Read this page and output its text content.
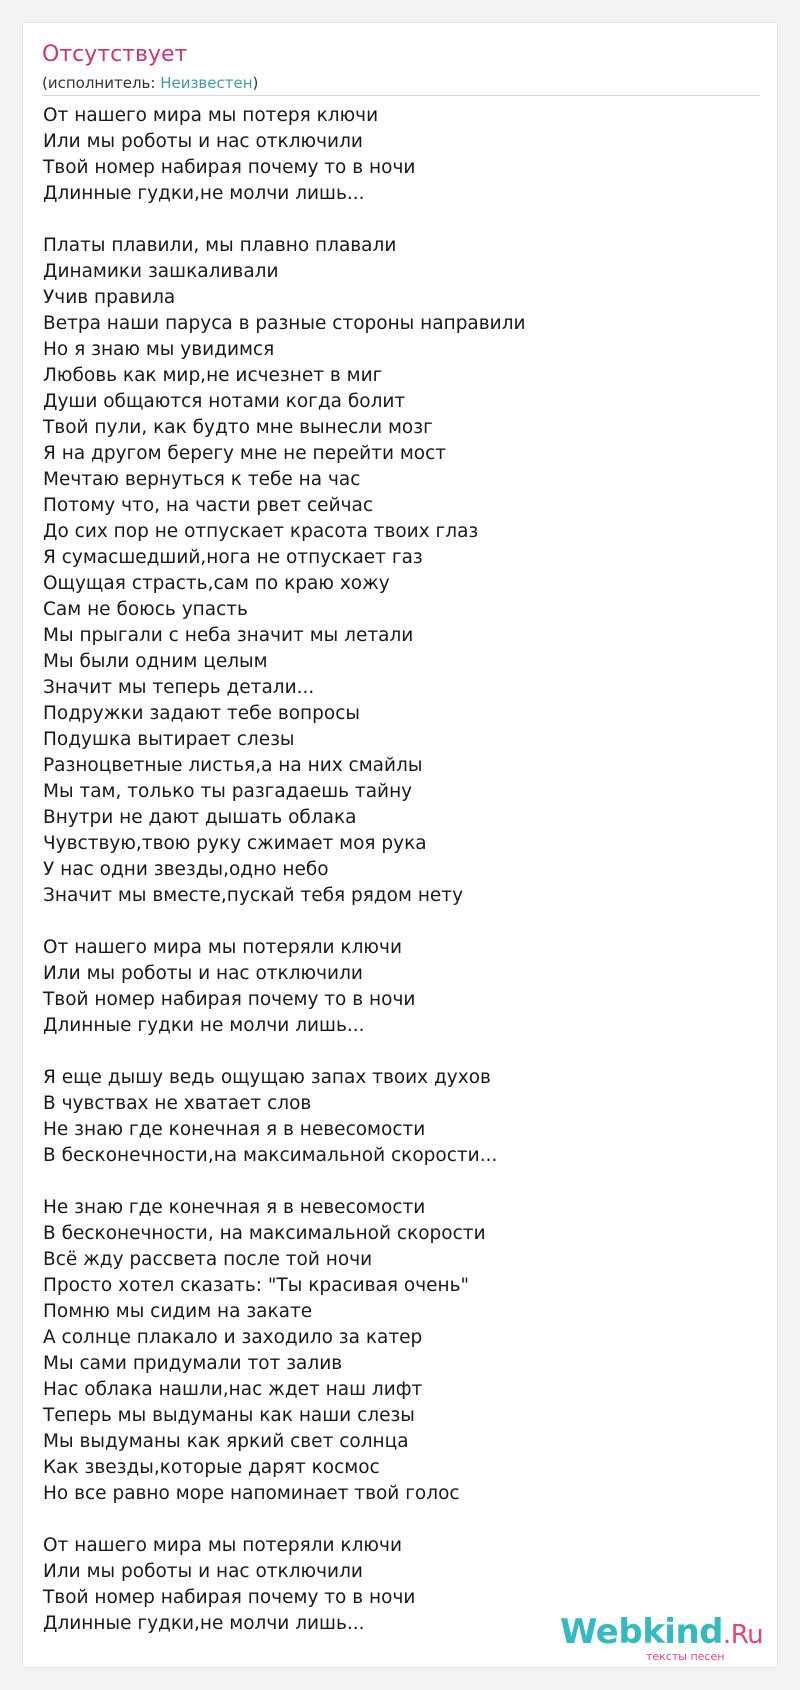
Отсутствует
(исполнитель: Неизвестен)
От нашего мира мы потеря ключи
Или мы роботы и нас отключили
Твой номер набирая почему то в ночи
Длинные гудки,не молчи лишь...
Платы плавили, мы плавно плавали
Динамики зашкаливали
Учив правила
Ветра наши паруса в разные стороны направили
Но я знаю мы увидимся
Любовь как мир,не исчезнет в миг
Души общаются нотами когда болит
Твой пули, как будто мне вынесли мозг
Я на другом берегу мне не перейти мост
Мечтаю вернуться к тебе на час
Потому что, на части рвет сейчас
До сих пор не отпускает красота твоих глаз
Я сумасшедший,нога не отпускает газ
Ощущая страсть,сам по краю хожу
Сам не боюсь упасть
Мы прыгали с неба значит мы летали
Мы были одним целым
Значит мы теперь детали...
Подружки задают тебе вопросы
Подушка вытирает слезы
Разноцветные листья,а на них смайлы
Мы там, только ты разгадаешь тайну
Внутри не дают дышать облака
Чувствую,твою руку сжимает моя рука
У нас одни звезды,одно небо
Значит мы вместе,пускай тебя рядом нету
От нашего мира мы потеряли ключи
Или мы роботы и нас отключили
Твой номер набирая почему то в ночи
Длинные гудки не молчи лишь...
Я еще дышу ведь ощущаю запах твоих духов
В чувствах не хватает слов
Не знаю где конечная я в невесомости
В бесконечности,на максимальной скорости...
Не знаю где конечная я в невесомости
В бесконечности, на максимальной скорости
Всё жду рассвета после той ночи
Просто хотел сказать: "Ты красивая очень"
Помню мы сидим на закате
А солнце плакало и заходило за катер
Мы сами придумали тот залив
Нас облака нашли,нас ждет наш лифт
Теперь мы выдуманы как наши слезы
Мы выдуманы как яркий свет солнца
Как звезды,которые дарят космос
Но все равно море напоминает твой голос
От нашего мира мы потеряли ключи
Или мы роботы и нас отключили
Твой номер набирая почему то в ночи
Длинные гудки,не молчи лишь...	Webkind.Ru
тексты песен
